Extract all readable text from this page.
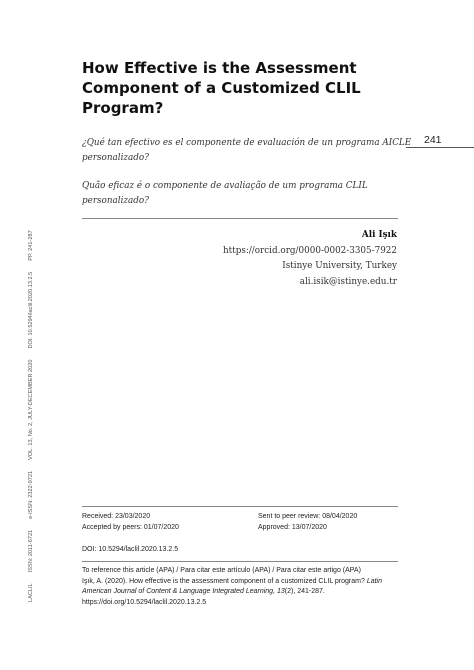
LACLIL
ISSN: 2011-6721
e-ISSN: 2322-9721
VOL. 13, No. 2, JULY-DECEMBER 2020
DOI: 10.5294/laclil.2020.13.2.5
PP. 241-287
241
How Effective is the Assessment Component of a Customized CLIL Program?

¿Qué tan efectivo es el componente de evaluación de un programa AICLE personalizado?

Quão eficaz é o componente de avaliação de um programa CLIL personalizado?

Ali Işık
https://orcid.org/0000-0002-3305-7922
Istinye University, Turkey
ali.isik@istinye.edu.tr
Received: 23/03/2020	Sent to peer review: 08/04/2020
Accepted by peers: 01/07/2020	Approved: 13/07/2020
DOI: 10.5294/laclil.2020.13.2.5
To reference this article (APA) / Para citar este artículo (APA) / Para citar este artigo (APA)
Işık, A. (2020). How effective is the assessment component of a customized CLIL program? Latin American Journal of Content & Language Integrated Learning, 13(2), 241-287. https://doi.org/10.5294/laclil.2020.13.2.5
